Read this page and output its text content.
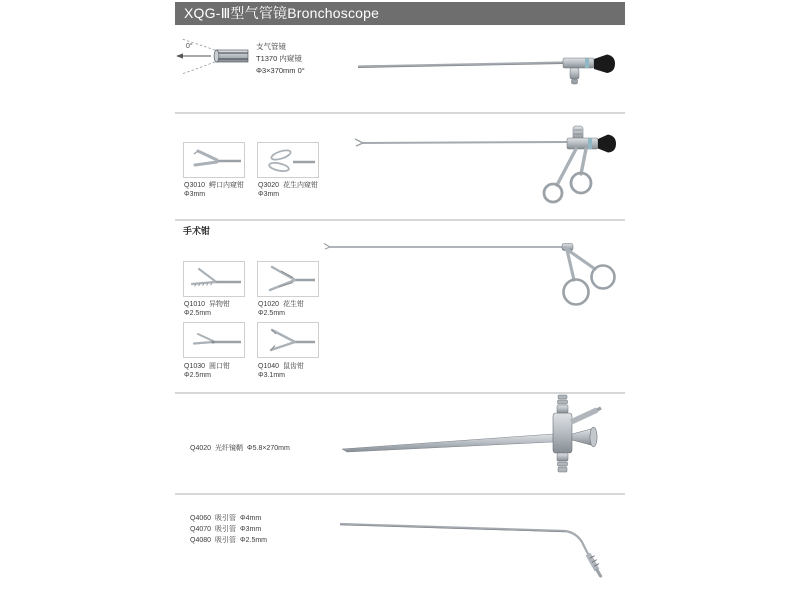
XQG-Ⅲ型气管镜Bronchoscope
0°	支气管镜
T1370 内窥镜
Φ3×370mm 0°
Q3010 鳄口内窥钳
Φ3mm
Q3020 花生内窥钳
Φ3mm
手术钳
Q1010 异物钳
Φ2.5mm
Q1020 花生钳
Φ2.5mm
Q1030 圆口钳
Φ2.5mm
Q1040 鼠齿钳
Φ3.1mm
Q4020 光纤镜鞘 Φ5.8×270mm
Q4060 吸引管 Φ4mm
Q4070 吸引管 Φ3mm
Q4080 吸引管 Φ2.5mm
